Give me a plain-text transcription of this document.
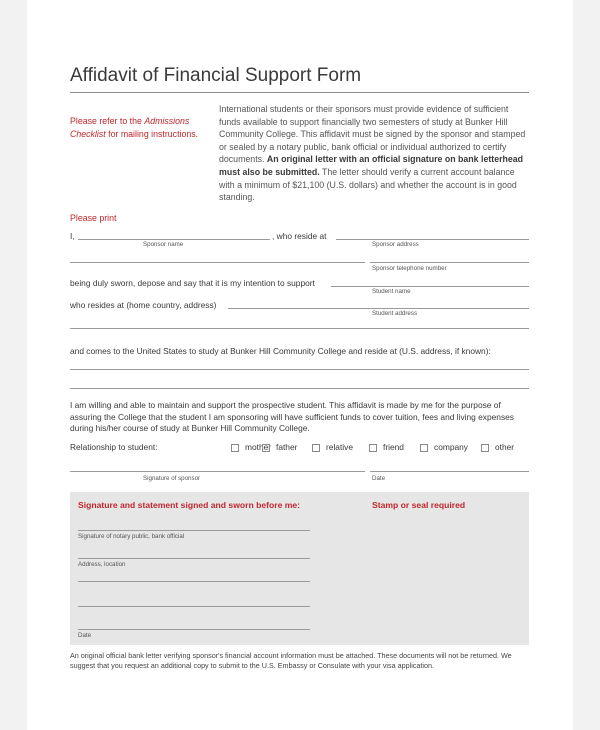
Affidavit of Financial Support Form
Please refer to the Admissions Checklist for mailing instructions.
International students or their sponsors must provide evidence of sufficient funds available to support financially two semesters of study at Bunker Hill Community College. This affidavit must be signed by the sponsor and stamped or sealed by a notary public, bank official or individual authorized to certify documents. An original letter with an official signature on bank letterhead must also be submitted. The letter should verify a current account balance with a minimum of $21,100 (U.S. dollars) and whether the account is in good standing.
Please print
I,	, who reside at
Sponsor name	Sponsor address
Sponsor telephone number
being duly sworn, depose and say that it is my intention to support
Student name
who resides at (home country, address)
Student address
and comes to the United States to study at Bunker Hill Community College and reside at (U.S. address, if known):
I am willing and able to maintain and support the prospective student. This affidavit is made by me for the purpose of assuring the College that the student I am sponsoring will have sufficient funds to cover tuition, fees and living expenses during his/her course of study at Bunker Hill Community College.
Relationship to student:	mother father	relative	friend	company	other
Signature of sponsor	Date
Signature and statement signed and sworn before me:	Stamp or seal required
Signature of notary public, bank official
Address, location
Date
An original official bank letter verifying sponsor's financial account information must be attached. These documents will not be returned. We suggest that you request an additional copy to submit to the U.S. Embassy or Consulate with your visa application.
